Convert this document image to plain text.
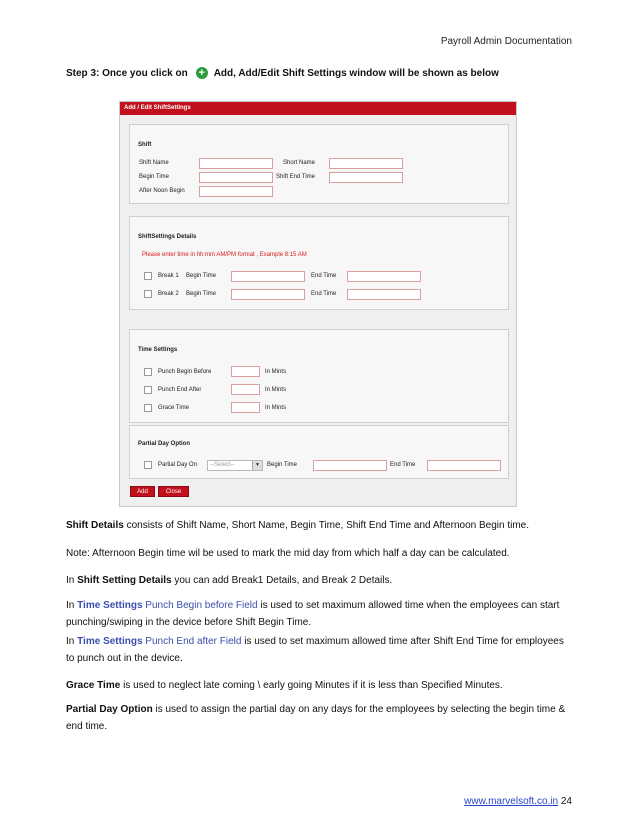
Payroll Admin Documentation
Step 3: Once you click on + Add, Add/Edit Shift Settings window will be shown as below
Add / Edit ShiftSettings
Shift
Shift Name	Short Name
Begin Time	Shift End Time
After Noon Begin
ShiftSettings Details
Please enter time in hh:mm AM/PM format , Example 8:15 AM
Break 1 Begin Time	End Time
Break 2 Begin Time	End Time
Time Settings
Punch Begin Before	In Mints
Punch End After	In Mints
Grace Time	In Mints
Partial Day Option
Partial Day On	--Select--	▼	Begin Time	End Time
Add	Close
Shift Details consists of Shift Name, Short Name, Begin Time, Shift End Time and Afternoon Begin time.
Note: Afternoon Begin time wil be used to mark the mid day from which half a day can be calculated.
In Shift Setting Details you can add Break1 Details, and Break 2 Details.
In Time Settings Punch Begin before Field is used to set maximum allowed time when the employees can start punching/swiping in the device before Shift Begin Time.
In Time Settings Punch End after Field is used to set maximum allowed time after Shift End Time for employees to punch out in the device.
Grace Time is used to neglect late coming \ early going Minutes if it is less than Specified Minutes.
Partial Day Option is used to assign the partial day on any days for the employees by selecting the begin time & end time.
www.marvelsoft.co.in 24
